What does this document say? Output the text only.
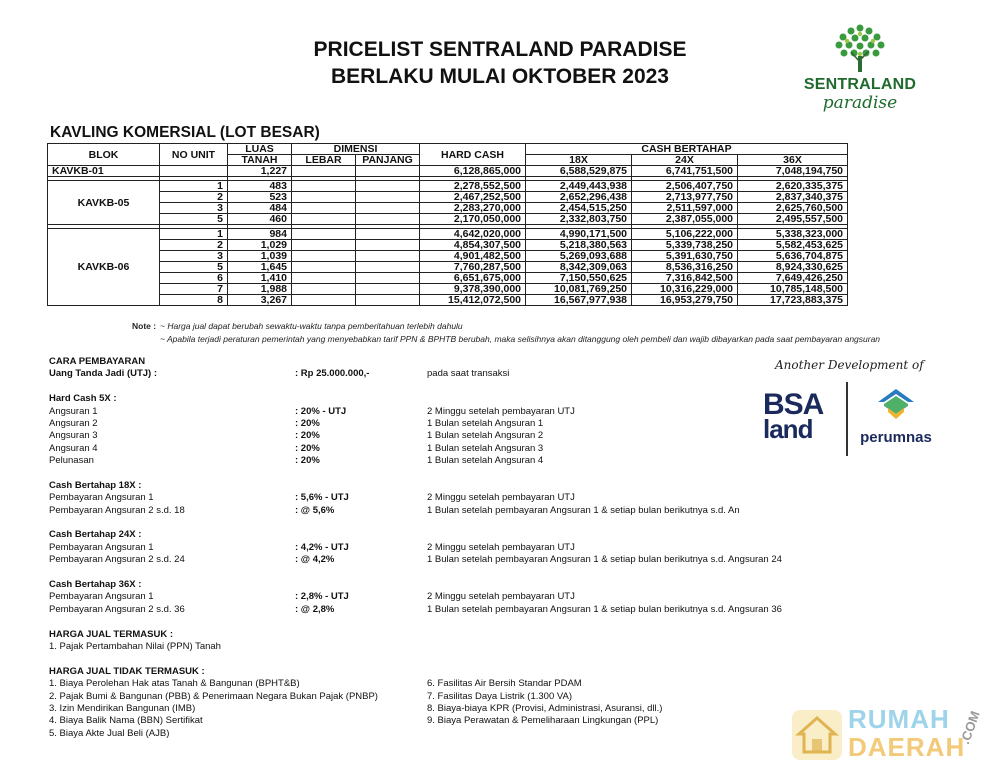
PRICELIST SENTRALAND PARADISE
BERLAKU MULAI OKTOBER 2023	SENTRALAND
paradise
KAVLING KOMERSIAL (LOT BESAR)
BLOK	NO UNIT	LUAS	DIMENSI		HARD CASH	CASH BERTAHAP		
		TANAH	LEBAR	PANJANG		18X	24X	36X
KAVKB-01		1,227			6,128,865,000	6,588,529,875	6,741,751,500	7,048,194,750

KAVKB-05	1	483			2,278,552,500	2,449,443,938	2,506,407,750	2,620,335,375
	2	523			2,467,252,500	2,652,296,438	2,713,977,750	2,837,340,375
	3	484			2,283,270,000	2,454,515,250	2,511,597,000	2,625,760,500
	5	460			2,170,050,000	2,332,803,750	2,387,055,000	2,495,557,500

KAVKB-06	1	984			4,642,020,000	4,990,171,500	5,106,222,000	5,338,323,000
	2	1,029			4,854,307,500	5,218,380,563	5,339,738,250	5,582,453,625
	3	1,039			4,901,482,500	5,269,093,688	5,391,630,750	5,636,704,875
	5	1,645			7,760,287,500	8,342,309,063	8,536,316,250	8,924,330,625
	6	1,410			6,651,675,000	7,150,550,625	7,316,842,500	7,649,426,250
	7	1,988			9,378,390,000	10,081,769,250	10,316,229,000	10,785,148,500
	8	3,267			15,412,072,500	16,567,977,938	16,953,279,750	17,723,883,375
Note : ~ Harga jual dapat berubah sewaktu-waktu tanpa pemberitahuan terlebih dahulu
~ Apabila terjadi peraturan pemerintah yang menyebabkan tarif PPN & BPHTB berubah, maka selisihnya akan ditanggung oleh pembeli dan wajib dibayarkan pada saat pembayaran angsuran
CARA PEMBAYARAN
Uang Tanda Jadi (UTJ) :	: Rp 25.000.000,-	pada saat transaksi
Hard Cash 5X :
Angsuran 1	: 20% - UTJ	2 Minggu setelah pembayaran UTJ
Angsuran 2	: 20%	1 Bulan setelah Angsuran 1
Angsuran 3	: 20%	1 Bulan setelah Angsuran 2
Angsuran 4	: 20%	1 Bulan setelah Angsuran 3
Pelunasan	: 20%	1 Bulan setelah Angsuran 4
Cash Bertahap 18X :
Pembayaran Angsuran 1	: 5,6% - UTJ	2 Minggu setelah pembayaran UTJ
Pembayaran Angsuran 2 s.d. 18	: @ 5,6%	1 Bulan setelah pembayaran Angsuran 1 & setiap bulan berikutnya s.d. An
Cash Bertahap 24X :
Pembayaran Angsuran 1	: 4,2% - UTJ	2 Minggu setelah pembayaran UTJ
Pembayaran Angsuran 2 s.d. 24	: @ 4,2%	1 Bulan setelah pembayaran Angsuran 1 & setiap bulan berikutnya s.d. Angsuran 24
Cash Bertahap 36X :
Pembayaran Angsuran 1	: 2,8% - UTJ	2 Minggu setelah pembayaran UTJ
Pembayaran Angsuran 2 s.d. 36	: @ 2,8%	1 Bulan setelah pembayaran Angsuran 1 & setiap bulan berikutnya s.d. Angsuran 36
HARGA JUAL TERMASUK :
1. Pajak Pertambahan Nilai (PPN) Tanah
HARGA JUAL TIDAK TERMASUK :
1. Biaya Perolehan Hak atas Tanah & Bangunan (BPHT&B)	6. Fasilitas Air Bersih Standar PDAM
2. Pajak Bumi & Bangunan (PBB) & Penerimaan Negara Bukan Pajak (PNBP)	7. Fasilitas Daya Listrik (1.300 VA)
3. Izin Mendirikan Bangunan (IMB)	8. Biaya-biaya KPR (Provisi, Administrasi, Asuransi, dll.)
4. Biaya Balik Nama (BBN) Sertifikat	9. Biaya Perawatan & Pemeliharaan Lingkungan (PPL)
5. Biaya Akte Jual Beli (AJB)
Another Development of
BSA
land	perumnas
RUMAH
DAERAH
.COM
